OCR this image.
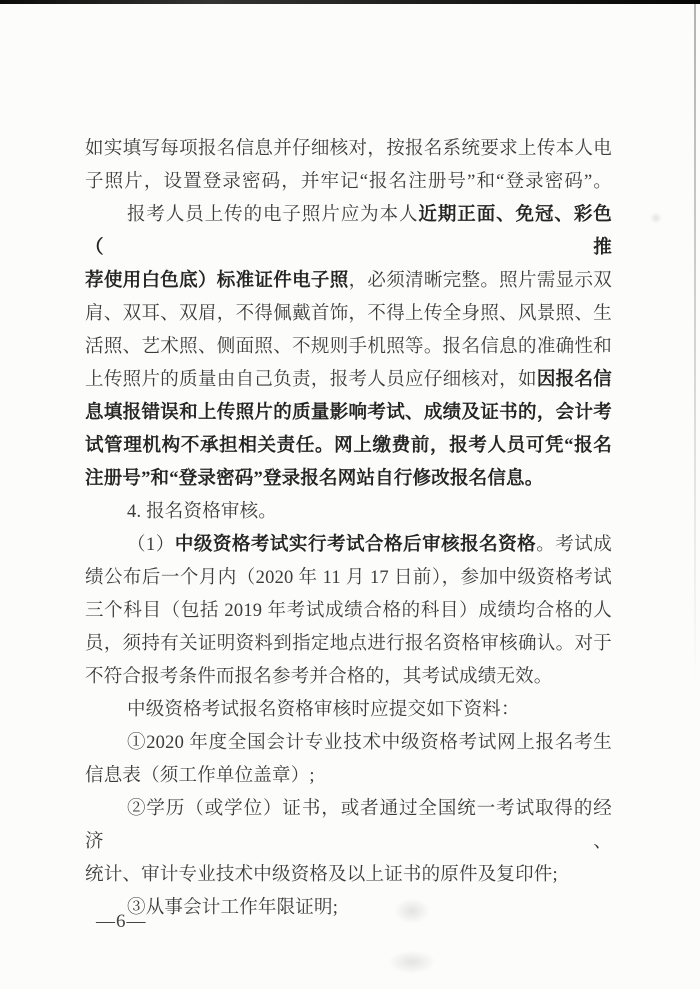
如实填写每项报名信息并仔细核对，按报名系统要求上传本人电
子照片，设置登录密码，并牢记“报名注册号”和“登录密码”。
报考人员上传的电子照片应为本人近期正面、免冠、彩色（推
荐使用白色底）标准证件电子照，必须清晰完整。照片需显示双
肩、双耳、双眉，不得佩戴首饰，不得上传全身照、风景照、生
活照、艺术照、侧面照、不规则手机照等。报名信息的准确性和
上传照片的质量由自己负责，报考人员应仔细核对，如因报名信
息填报错误和上传照片的质量影响考试、成绩及证书的，会计考
试管理机构不承担相关责任。网上缴费前，报考人员可凭“报名
注册号”和“登录密码”登录报名网站自行修改报名信息。
4. 报名资格审核。
（1）中级资格考试实行考试合格后审核报名资格。考试成
绩公布后一个月内（2020 年 11 月 17 日前），参加中级资格考试
三个科目（包括 2019 年考试成绩合格的科目）成绩均合格的人
员，须持有关证明资料到指定地点进行报名资格审核确认。对于
不符合报考条件而报名参考并合格的，其考试成绩无效。
中级资格考试报名资格审核时应提交如下资料：
①2020 年度全国会计专业技术中级资格考试网上报名考生
信息表（须工作单位盖章）;
②学历（或学位）证书，或者通过全国统一考试取得的经济、
统计、审计专业技术中级资格及以上证书的原件及复印件;
③从事会计工作年限证明;
—6—
